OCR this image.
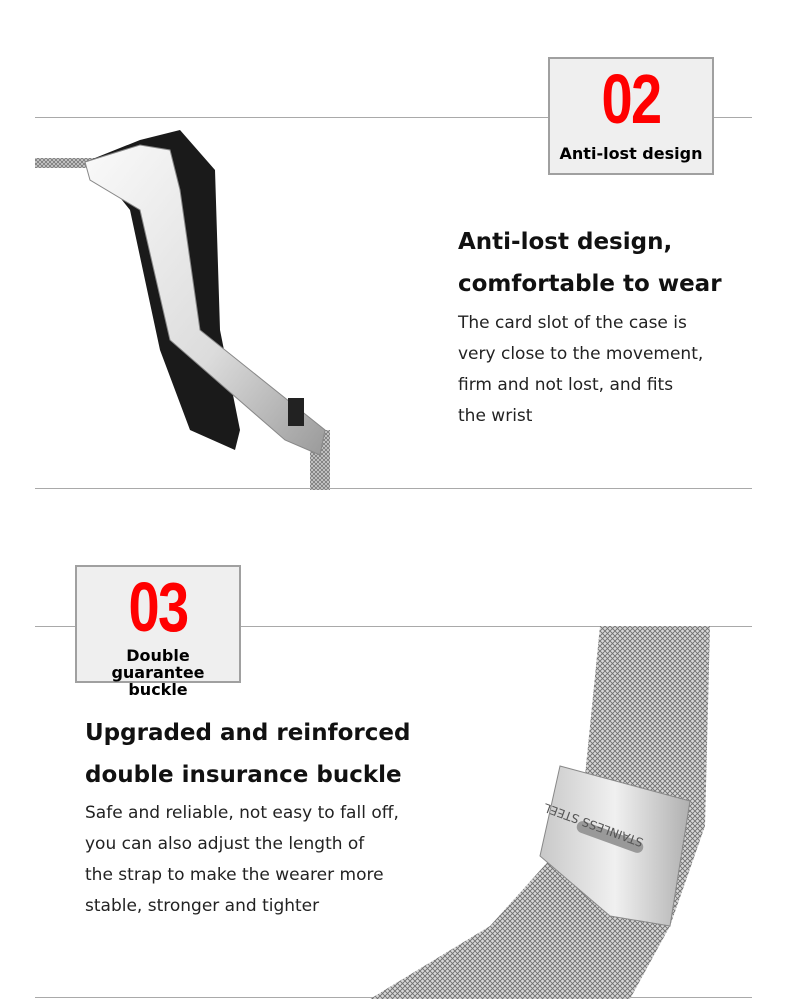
02
Anti-lost design
Anti-lost design,
comfortable to wear
The card slot of the case is
very close to the movement,
firm and not lost, and fits
the wrist
03
Double guarantee
buckle
STAINLESS STEEL
Upgraded and reinforced
double insurance buckle
Safe and reliable, not easy to fall off,
you can also adjust the length of
the strap to make the wearer more
stable, stronger and tighter
